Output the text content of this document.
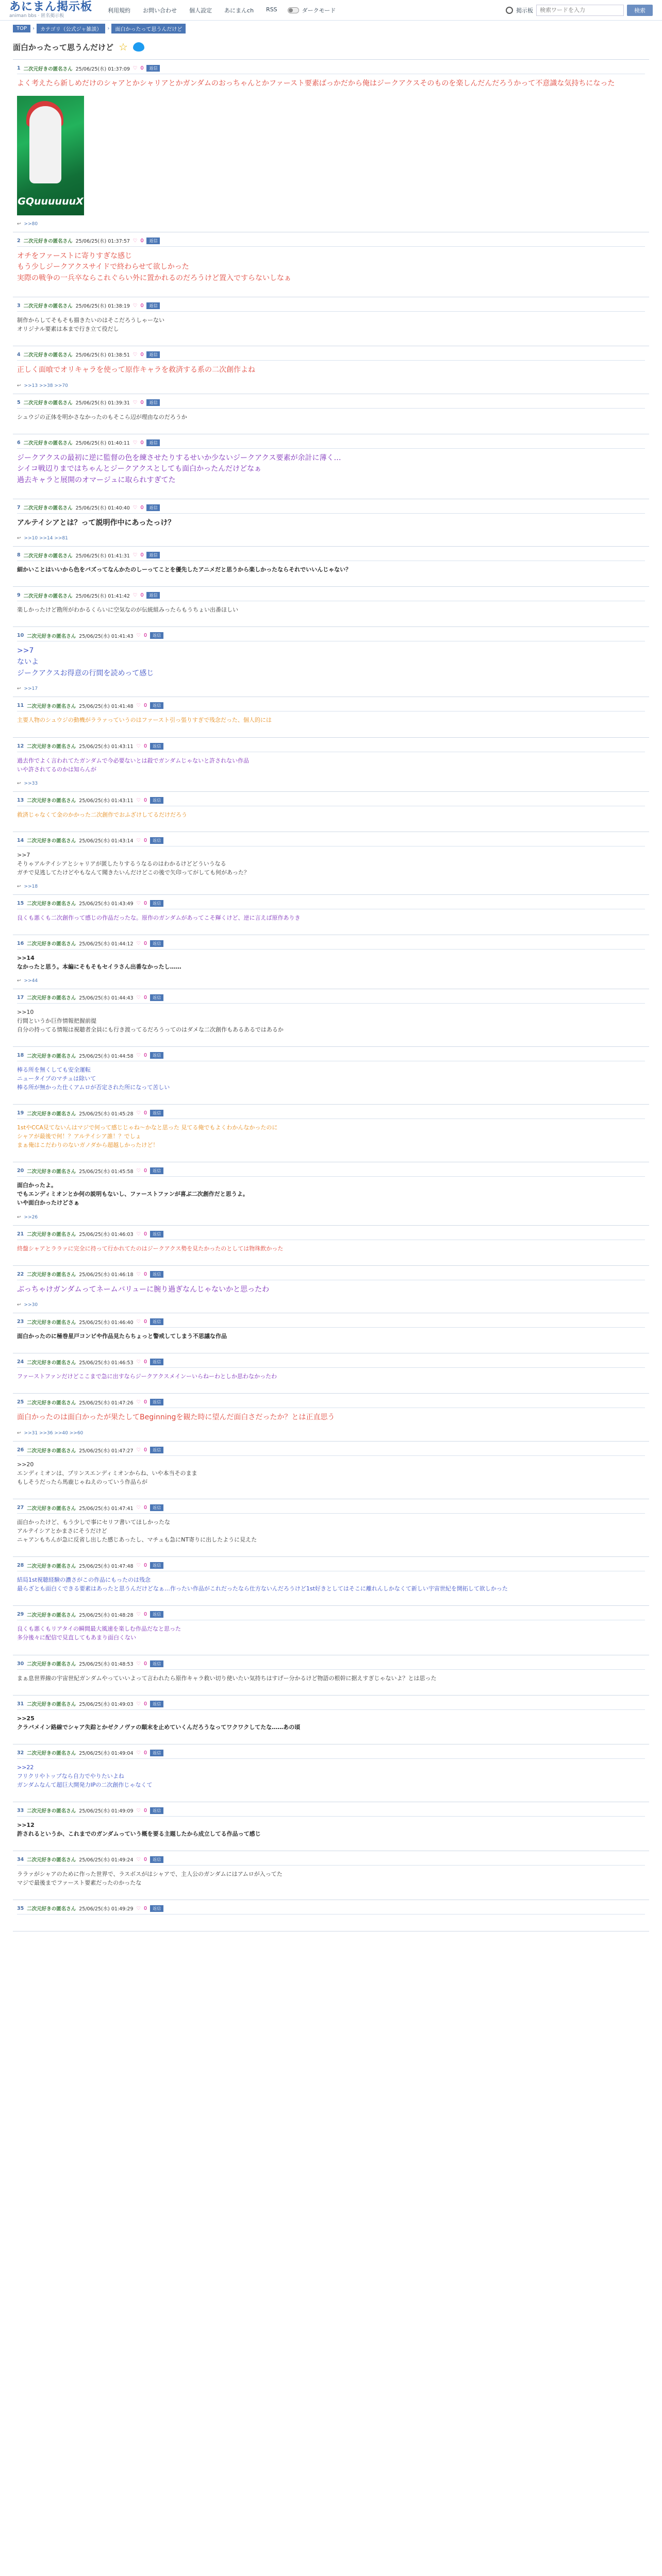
あにまん掲示板
animan bbs · 匿名掲示板
利用規約 お問い合わせ 個人設定 あにまんch RSS	ダークモード	掲示板
検索ワードを入力	検索
TOP	›	カテゴリ（公式ジャ雑談）	›	面白かったって思うんだけど
面白かったって思うんだけど ☆
1 二次元好きの匿名さん 25/06/25(水) 01:37:09 ♡ 0	返信
よく考えたら新しめだけのシャアとかシャリアとかガンダムのおっちゃんとかファースト要素ばっかだから俺はジークアクスそのものを楽しんだんだろうかって不意識な気持ちになった
GQuuuuuuX
↩ >>80
2 二次元好きの匿名さん 25/06/25(水) 01:37:57 ♡ 0	返信
オチをファーストに寄りすぎな感じ
もう少しジークアクスサイドで終わらせて欲しかった
実際の戦争の一兵卒ならこれぐらい外に置かれるのだろうけど置入ですらないしなぁ
3 二次元好きの匿名さん 25/06/25(水) 01:38:19 ♡ 0	返信
制作からしてそもそも描きたいのはそこだろうしゃーない
オリジナル要素は本まで行き立て役だし
4 二次元好きの匿名さん 25/06/25(水) 01:38:51 ♡ 0	返信
正しく面喰でオリキャラを使って原作キャラを救済する系の二次創作よね
↩ >>13 >>38 >>70
5 二次元好きの匿名さん 25/06/25(水) 01:39:31 ♡ 0	返信
シュウジの正体を明かさなかったのもそこら辺が理由なのだろうか
6 二次元好きの匿名さん 25/06/25(水) 01:40:11 ♡ 0	返信
ジークアクスの最初に逆に監督の色を練させたりするせいか少ないジークアクス要素が余計に薄く…
シイコ戦辺りまではちゃんとジークアクスとしても面白かったんだけどなぁ
過去キャラと展開のオマージュに取られすぎてた
7 二次元好きの匿名さん 25/06/25(水) 01:40:40 ♡ 0	返信
アルテイシアとは？って説明作中にあったっけ？
↩ >>10 >>14 >>81
8 二次元好きの匿名さん 25/06/25(水) 01:41:31 ♡ 0	返信
細かいことはいいから色をバズってなんかたのしーってことを優先したアニメだと思うから楽しかったならそれでいいんじゃない？
9 二次元好きの匿名さん 25/06/25(水) 01:41:42 ♡ 0	返信
楽しかったけど勘所がわかるくらいに空気なのが伝統組みったらもうちょい出番ほしい
10 二次元好きの匿名さん 25/06/25(水) 01:41:43 ♡ 0	返信
>>7
ないよ
ジークアクスお得意の行間を読めって感じ
↩ >>17
11 二次元好きの匿名さん 25/06/25(水) 01:41:48 ♡ 0	返信
主要人物のシュウジの動機がララァっていうのはファースト引っ張りすぎで残念だった、個人的には
12 二次元好きの匿名さん 25/06/25(水) 01:43:11 ♡ 0	返信
過去作でよく言われてたガンダムで今必要ないとは殺でガンダムじゃないと許されない作品
いや許されてるのかは知らんが
↩ >>33
13 二次元好きの匿名さん 25/06/25(水) 01:43:11 ♡ 0	返信
救済じゃなくて金のかかった二次創作でおふざけしてるだけだろう
14 二次元好きの匿名さん 25/06/25(水) 01:43:14 ♡ 0	返信
>>7
そりゃアルテイシアとシャリアが匿したりするうなるのはわかるけどどういうなる
ガチで見逃してたけどやもなんて聞きたいんだけどこの後で矢印ってがしても何があった？
↩ >>18
15 二次元好きの匿名さん 25/06/25(水) 01:43:49 ♡ 0	返信
良くも悪くも二次創作って感じの作品だったな。原作のガンダムがあってこそ輝くけど、逆に言えば原作ありき
16 二次元好きの匿名さん 25/06/25(水) 01:44:12 ♡ 0	返信
>>14
なかったと思う。本編にそもそもセイラさん出番なかったし……
↩ >>44
17 二次元好きの匿名さん 25/06/25(水) 01:44:43 ♡ 0	返信
>>10
行間というか巨作情報把握前提
自分の持ってる情報は視聴者全員にも行き渡ってるだろうってのはダメな二次創作もあるあるではあるか
18 二次元好きの匿名さん 25/06/25(水) 01:44:58 ♡ 0	返信
棒る所を無くしても安全運転
ニュータイプのマチュは除いて
棒る所が無かった仕くアムロが否定された所になって苦しい
19 二次元好きの匿名さん 25/06/25(水) 01:45:28 ♡ 0	返信
1stやCCA見てないんはマジで何って感じじゃね～かなと思った 見てる俺でもよくわかんなかったのに
シャアが最後で何！？アルテイシア誰！？でしょ
まぁ俺はこだわりのないガノダから超越しかったけど！
20 二次元好きの匿名さん 25/06/25(水) 01:45:58 ♡ 0	返信
面白かったよ。
でもエンディミオンとか何の説明もないし、ファーストファンが喜ぶ二次創作だと思うよ。
いや面白かったけどさぁ
↩ >>26
21 二次元好きの匿名さん 25/06/25(水) 01:46:03 ♡ 0	返信
終盤シャアとララァに完全に持って行かれてたのはジークアクス勢を見たかったのとしては物珠飲かった
22 二次元好きの匿名さん 25/06/25(水) 01:46:18 ♡ 0	返信
ぶっちゃけガンダムってネームバリューに腕り過ぎなんじゃないかと思ったわ
↩ >>30
23 二次元好きの匿名さん 25/06/25(水) 01:46:40 ♡ 0	返信
面白かったのに極巻星戸コンビや作品見たらちょっと警戒してしまう不思議な作品
24 二次元好きの匿名さん 25/06/25(水) 01:46:53 ♡ 0	返信
ファーストファンだけどここまで急に出すならジークアクスメインーいらねーわとしか思わなかったわ
25 二次元好きの匿名さん 25/06/25(水) 01:47:26 ♡ 0	返信
面白かったのは面白かったが果たしてBeginningを観た時に望んだ面白さだったか？とは正直思う
↩ >>31 >>36 >>40 >>60
26 二次元好きの匿名さん 25/06/25(水) 01:47:27 ♡ 0	返信
>>20
エンディミオンは、プリンスエンディミオンからね、いや本当そのまま
もしそうだったら馬鹿じゃねえのっていう作品らが
27 二次元好きの匿名さん 25/06/25(水) 01:47:41 ♡ 0	返信
面白かったけど、もう少しで事にセリフ書いてほしかったな
アルテイシアとかまさにそうだけど
ニャアンもちんが急に反省し出した感じあったし、マチュも急にNT寄りに出したように見えた
28 二次元好きの匿名さん 25/06/25(水) 01:47:48 ♡ 0	返信
結局1st視聴経験の濃さがこの作品にもったのは残念
最らざとも面白くできる要素はあったと思うんだけどなぁ…作ったい作品がこれだったなら仕方ないんだろうけど1st好きとしてはそこに離れんしかなくて新しい宇宙世紀を開拓して欲しかった
29 二次元好きの匿名さん 25/06/25(水) 01:48:28 ♡ 0	返信
良くも悪くもリアタイの瞬間最大風速を楽しむ作品だなと思った
多分後々に配信で見直してもあまり面白くない
30 二次元好きの匿名さん 25/06/25(水) 01:48:53 ♡ 0	返信
まぁ息世界線の宇宙世紀ガンダムやっていいよって言われたら原作キャラ救い切り使いたい気持ちはすげー分かるけど物語の根幹に据えすぎじゃないよ？とは思った
31 二次元好きの匿名さん 25/06/25(水) 01:49:03 ♡ 0	返信
>>25
クラバメイン路線でシャア失踪とかゼクノヴァの顛末を止めていくんだろうなってワクワクしてたな……あの頃
32 二次元好きの匿名さん 25/06/25(水) 01:49:04 ♡ 0	返信
>>22
フリクリやトップなら自力でやりたいよね
ガンダムなんて超巨大開発力IPの二次創作じゃなくて
33 二次元好きの匿名さん 25/06/25(水) 01:49:09 ♡ 0	返信
>>12
許されるというか、これまでのガンダムっていう概を要る主題したから成立してる作品って感じ
34 二次元好きの匿名さん 25/06/25(水) 01:49:24 ♡ 0	返信
ララァがシャアのために作った世界で、ラスボスがはシャアで、主人公のガンダムにはアムロが入ってた
マジで最後までファースト要素だったのかったな
35 二次元好きの匿名さん 25/06/25(水) 01:49:29 ♡ 0	返信
